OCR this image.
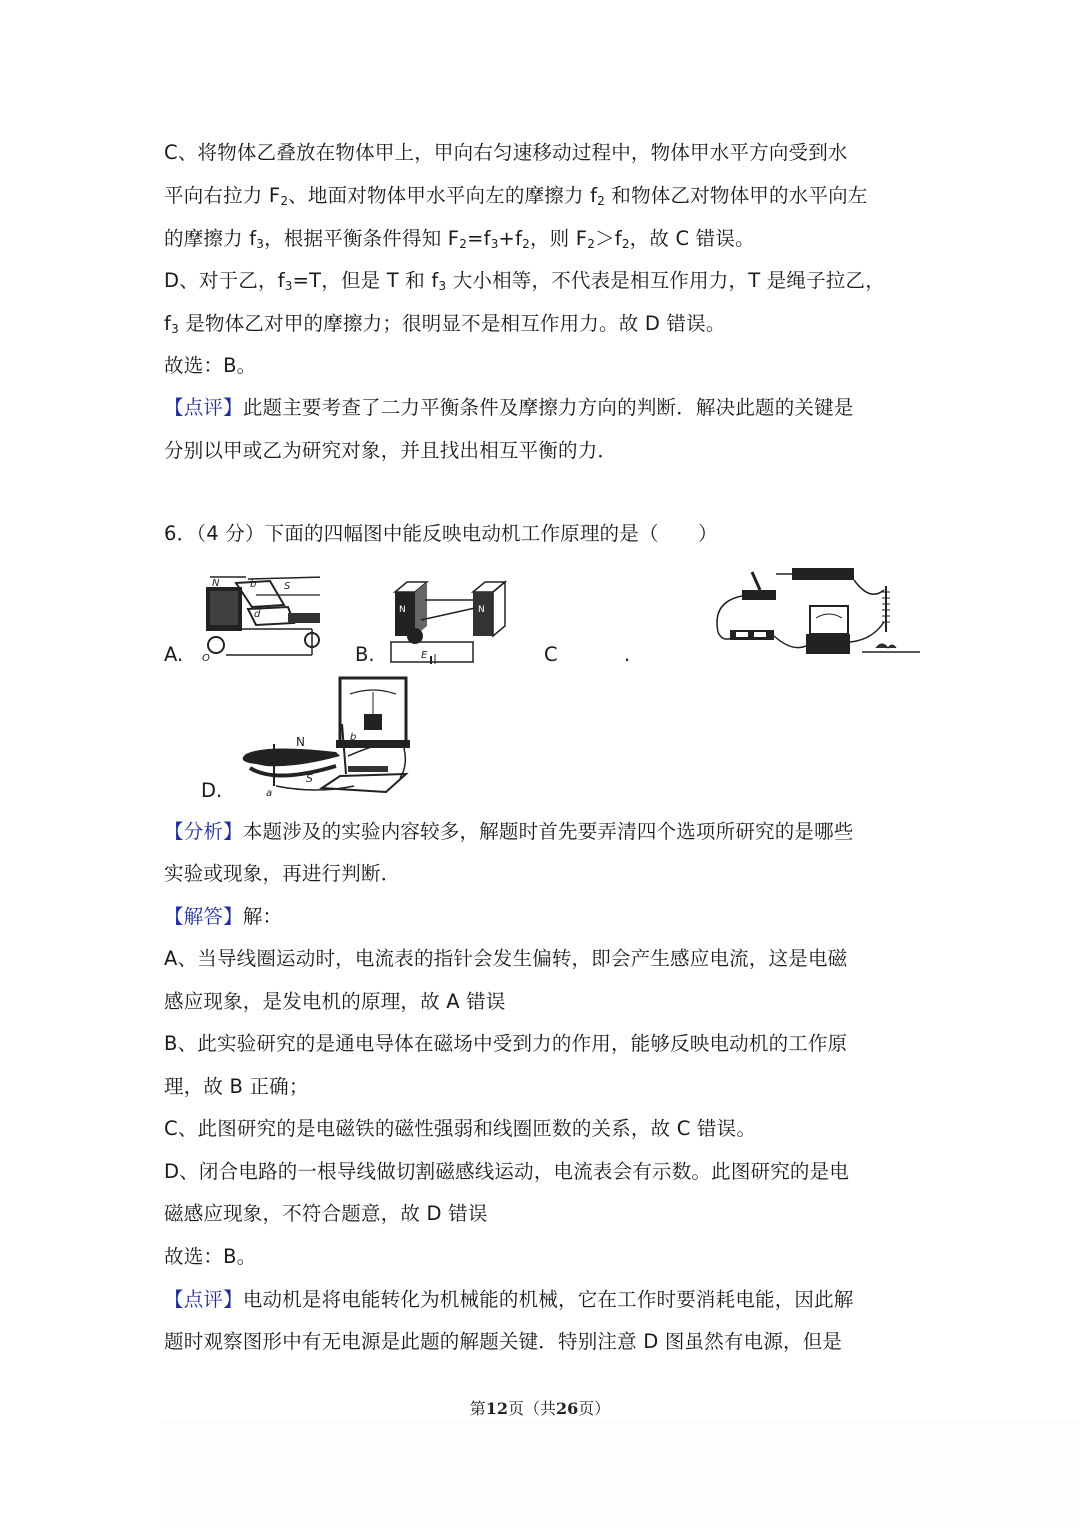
C、将物体乙叠放在物体甲上，甲向右匀速移动过程中，物体甲水平方向受到水
平向右拉力 $F_2$、地面对物体甲水平向左的摩擦力 $f_2$ 和物体乙对物体甲的水平向左
的摩擦力 $f_3$，根据平衡条件得知 $F_2=f_3+f_2$，则 $F_2>f_2$，故 C 错误。
D、对于乙，$f_3=T$，但是 T 和 $f_3$ 大小相等，不代表是相互作用力，T 是绳子拉乙，
$f_3$ 是物体乙对甲的摩擦力；很明显不是相互作用力。故 D 错误。
故选：B。
【点评】此题主要考查了二力平衡条件及摩擦力方向的判断．解决此题的关键是
分别以甲或乙为研究对象，并且找出相互平衡的力．
6．（4 分）下面的四幅图中能反映电动机工作原理的是（　　）
A.
N	b	S
d
O	B.
N	N
E	C	.
D.
N	b
S
a
【分析】本题涉及的实验内容较多，解题时首先要弄清四个选项所研究的是哪些
实验或现象，再进行判断．
【解答】解：
A、当导线圈运动时，电流表的指针会发生偏转，即会产生感应电流，这是电磁
感应现象，是发电机的原理，故 A 错误
B、此实验研究的是通电导体在磁场中受到力的作用，能够反映电动机的工作原
理，故 B 正确；
C、此图研究的是电磁铁的磁性强弱和线圈匝数的关系，故 C 错误。
D、闭合电路的一根导线做切割磁感线运动，电流表会有示数。此图研究的是电
磁感应现象，不符合题意，故 D 错误
故选：B。
【点评】电动机是将电能转化为机械能的机械，它在工作时要消耗电能，因此解
题时观察图形中有无电源是此题的解题关键．特别注意 D 图虽然有电源，但是
第12页（共26页）
